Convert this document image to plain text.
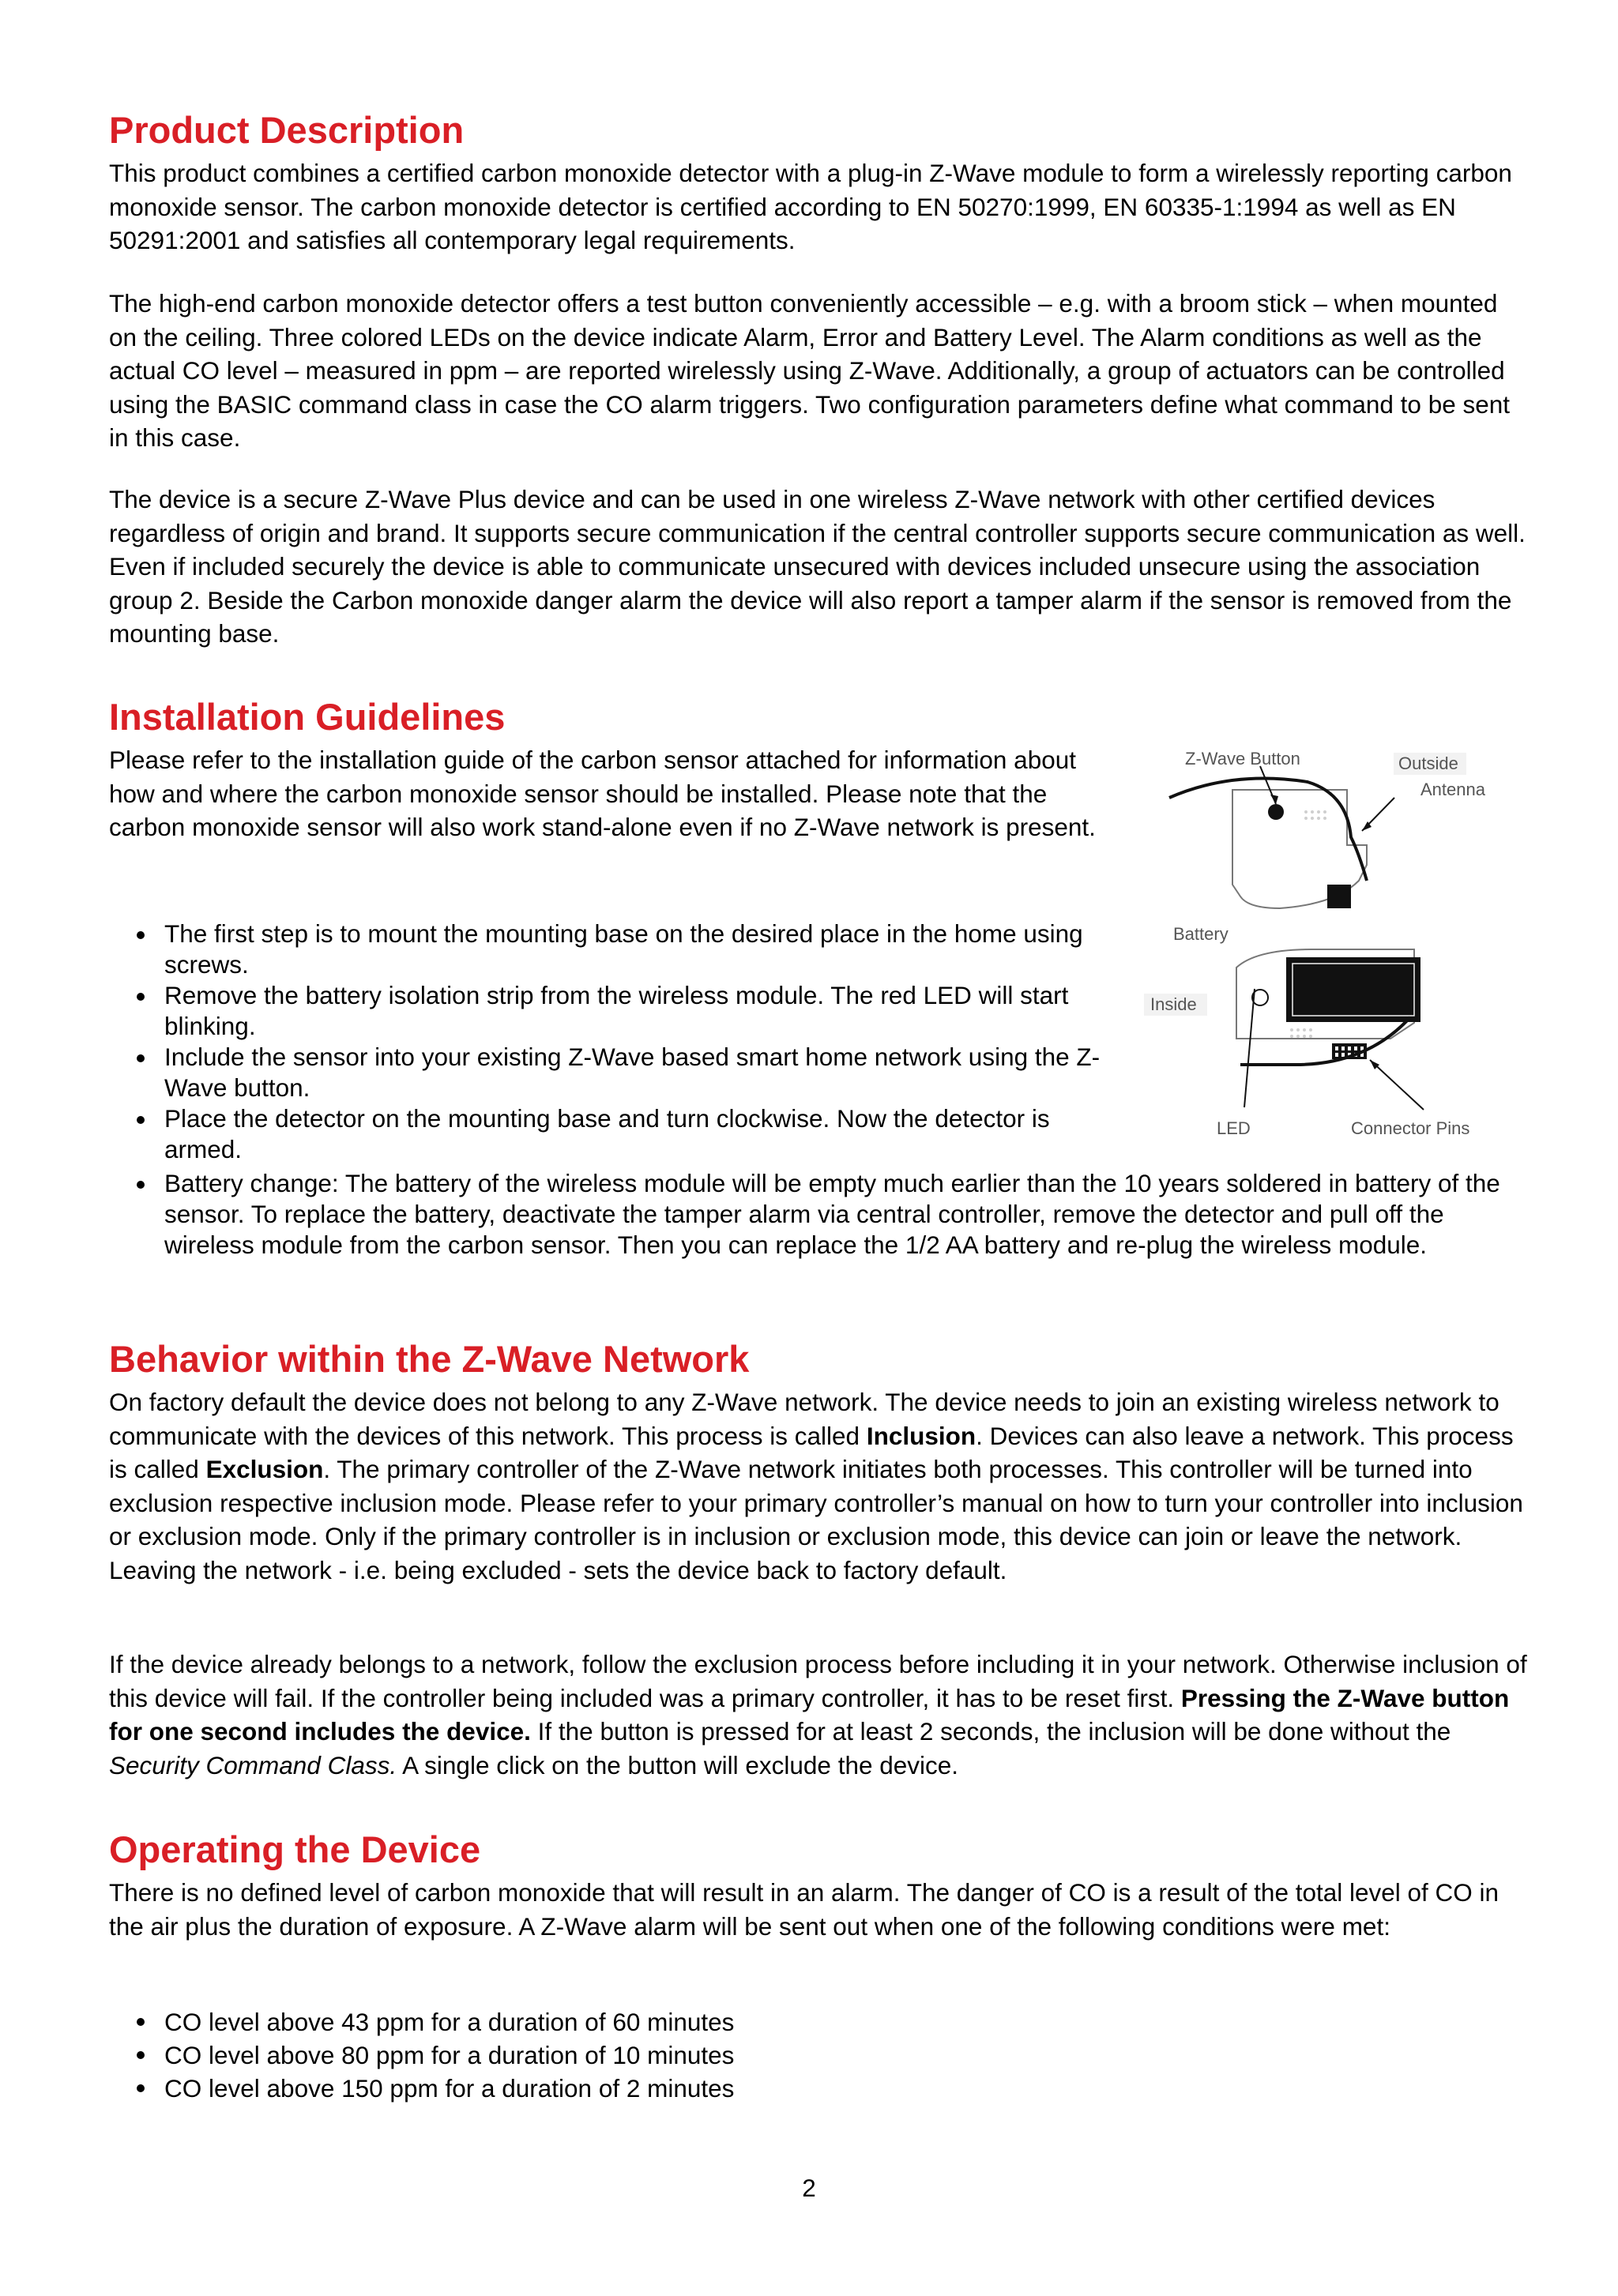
Product Description

This product combines a certified carbon monoxide detector with a plug-in Z-Wave module to form a wirelessly reporting carbon monoxide sensor. The carbon monoxide detector is certified according to EN 50270:1999, EN 60335-1:1994 as well as EN 50291:2001 and satisfies all contemporary legal requirements.

The high-end carbon monoxide detector offers a test button conveniently accessible – e.g. with a broom stick – when mounted on the ceiling. Three colored LEDs on the device indicate Alarm, Error and Battery Level. The Alarm conditions as well as the actual CO level – measured in ppm – are reported wirelessly using Z-Wave. Additionally, a group of actuators can be controlled using the BASIC command class in case the CO alarm triggers. Two configuration parameters define what command to be sent in this case.

The device is a secure Z-Wave Plus device and can be used in one wireless Z-Wave network with other certified devices regardless of origin and brand. It supports secure communication if the central controller supports secure communication as well. Even if included securely the device is able to communicate unsecured with devices included unsecure using the association group 2. Beside the Carbon monoxide danger alarm the device will also report a tamper alarm if the sensor is removed from the mounting base.

Installation Guidelines

Please refer to the installation guide of the carbon sensor attached for information about how and where the carbon monoxide sensor should be installed. Please note that the carbon monoxide sensor will also work stand-alone even if no Z-Wave network is present.

The first step is to mount the mounting base on the desired place in the home using screws.
Remove the battery isolation strip from the wireless module. The red LED will start blinking.
Include the sensor into your existing Z-Wave based smart home network using the Z-Wave button.
Place the detector on the mounting base and turn clockwise. Now the detector is armed.
Battery change: The battery of the wireless module will be empty much earlier than the 10 years soldered in battery of the sensor. To replace the battery, deactivate the tamper alarm via central controller, remove the detector and pull off the wireless module from the carbon sensor. Then you can replace the 1/2 AA battery and re-plug the wireless module.
Z-Wave Button	Outside
Antenna
Battery
Inside
LED	Connector Pins
Behavior within the Z-Wave Network

On factory default the device does not belong to any Z-Wave network. The device needs to join an existing wireless network to communicate with the devices of this network. This process is called Inclusion. Devices can also leave a network. This process is called Exclusion. The primary controller of the Z-Wave network initiates both processes. This controller will be turned into exclusion respective inclusion mode. Please refer to your primary controller’s manual on how to turn your controller into inclusion or exclusion mode. Only if the primary controller is in inclusion or exclusion mode, this device can join or leave the network. Leaving the network - i.e. being excluded - sets the device back to factory default.

If the device already belongs to a network, follow the exclusion process before including it in your network. Otherwise inclusion of this device will fail. If the controller being included was a primary controller, it has to be reset first. Pressing the Z-Wave button for one second includes the device. If the button is pressed for at least 2 seconds, the inclusion will be done without the Security Command Class. A single click on the button will exclude the device.

Operating the Device

There is no defined level of carbon monoxide that will result in an alarm. The danger of CO is a result of the total level of CO in the air plus the duration of exposure. A Z-Wave alarm will be sent out when one of the following conditions were met:

CO level above 43 ppm for a duration of 60 minutes
CO level above 80 ppm for a duration of 10 minutes
CO level above 150 ppm for a duration of 2 minutes
2
